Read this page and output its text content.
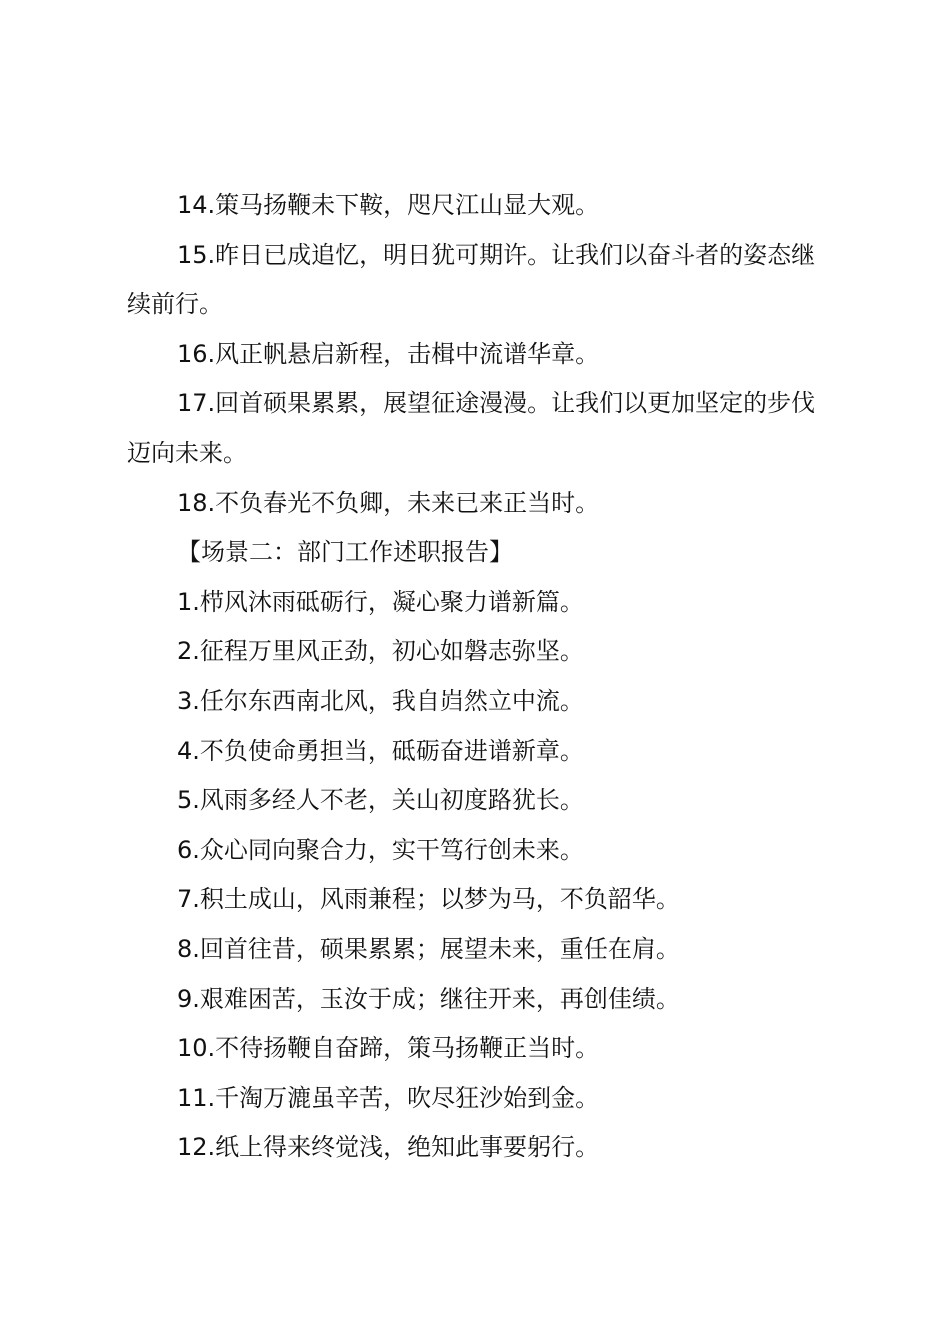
14.策马扬鞭未下鞍，咫尺江山显大观。

15.昨日已成追忆，明日犹可期许。让我们以奋斗者的姿态继续前行。

16.风正帆悬启新程，击楫中流谱华章。

17.回首硕果累累，展望征途漫漫。让我们以更加坚定的步伐迈向未来。

18.不负春光不负卿，未来已来正当时。

【场景二：部门工作述职报告】

1.栉风沐雨砥砺行，凝心聚力谱新篇。

2.征程万里风正劲，初心如磐志弥坚。

3.任尔东西南北风，我自岿然立中流。

4.不负使命勇担当，砥砺奋进谱新章。

5.风雨多经人不老，关山初度路犹长。

6.众心同向聚合力，实干笃行创未来。

7.积土成山，风雨兼程；以梦为马，不负韶华。

8.回首往昔，硕果累累；展望未来，重任在肩。

9.艰难困苦，玉汝于成；继往开来，再创佳绩。

10.不待扬鞭自奋蹄，策马扬鞭正当时。

11.千淘万漉虽辛苦，吹尽狂沙始到金。

12.纸上得来终觉浅，绝知此事要躬行。
